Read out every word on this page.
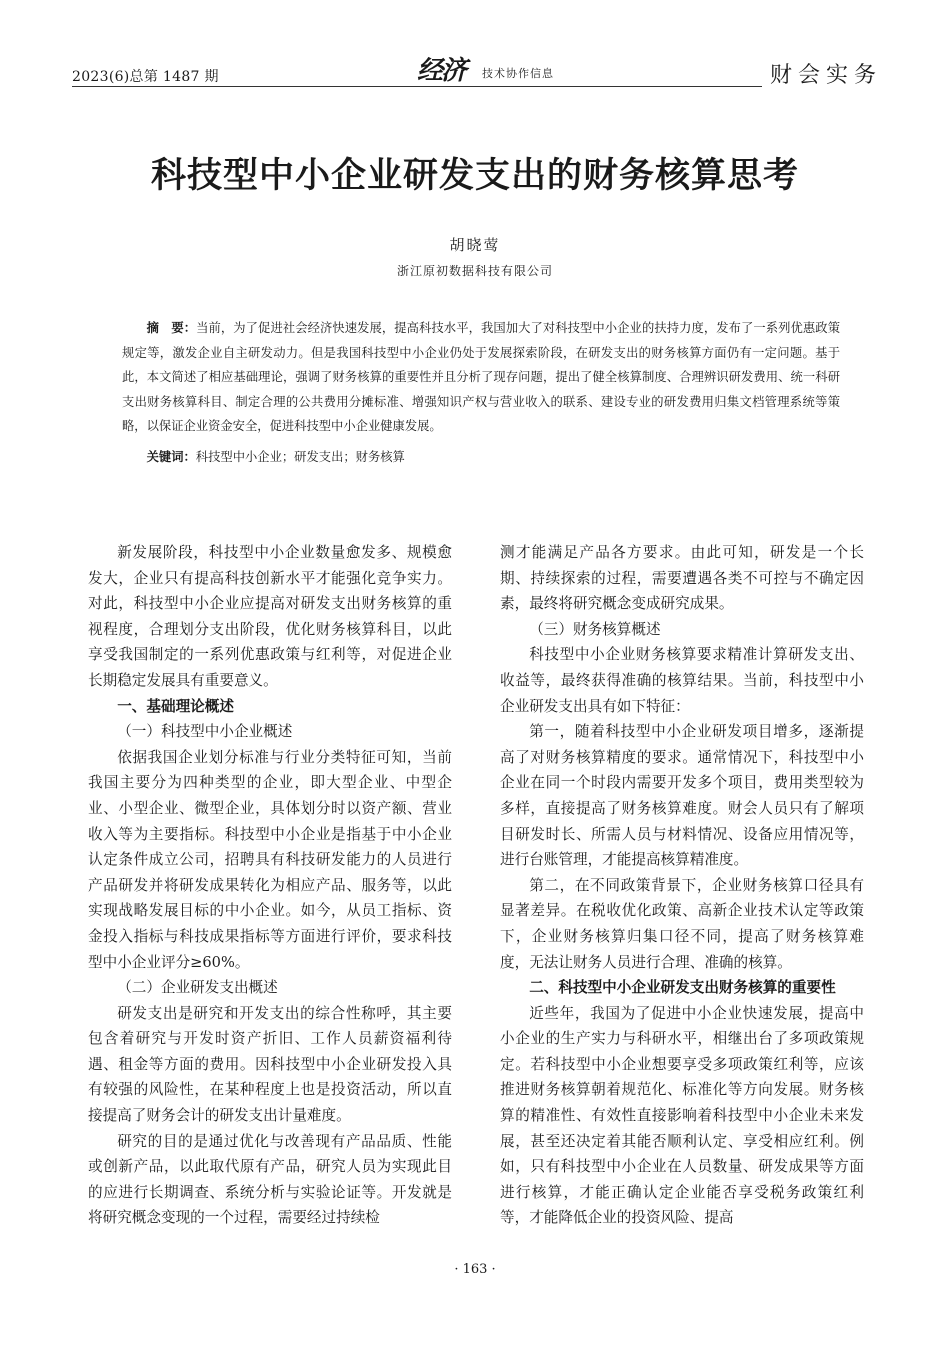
2023(6)总第 1487 期	经济 技术协作信息	财会实务
科技型中小企业研发支出的财务核算思考
胡晓莺
浙江原初数据科技有限公司

摘　要：当前，为了促进社会经济快速发展，提高科技水平，我国加大了对科技型中小企业的扶持力度，发布了一系列优惠政策规定等，激发企业自主研发动力。但是我国科技型中小企业仍处于发展探索阶段，在研发支出的财务核算方面仍有一定问题。基于此，本文简述了相应基础理论，强调了财务核算的重要性并且分析了现存问题，提出了健全核算制度、合理辨识研发费用、统一科研支出财务核算科目、制定合理的公共费用分摊标准、增强知识产权与营业收入的联系、建设专业的研发费用归集文档管理系统等策略，以保证企业资金安全，促进科技型中小企业健康发展。

关键词：科技型中小企业；研发支出；财务核算

新发展阶段，科技型中小企业数量愈发多、规模愈发大，企业只有提高科技创新水平才能强化竞争实力。对此，科技型中小企业应提高对研发支出财务核算的重视程度，合理划分支出阶段，优化财务核算科目，以此享受我国制定的一系列优惠政策与红利等，对促进企业长期稳定发展具有重要意义。

一、基础理论概述

（一）科技型中小企业概述

依据我国企业划分标准与行业分类特征可知，当前我国主要分为四种类型的企业，即大型企业、中型企业、小型企业、微型企业，具体划分时以资产额、营业收入等为主要指标。科技型中小企业是指基于中小企业认定条件成立公司，招聘具有科技研发能力的人员进行产品研发并将研发成果转化为相应产品、服务等，以此实现战略发展目标的中小企业。如今，从员工指标、资金投入指标与科技成果指标等方面进行评价，要求科技型中小企业评分≥60%。

（二）企业研发支出概述

研发支出是研究和开发支出的综合性称呼，其主要包含着研究与开发时资产折旧、工作人员薪资福利待遇、租金等方面的费用。因科技型中小企业研发投入具有较强的风险性，在某种程度上也是投资活动，所以直接提高了财务会计的研发支出计量难度。

研究的目的是通过优化与改善现有产品品质、性能或创新产品，以此取代原有产品，研究人员为实现此目的应进行长期调查、系统分析与实验论证等。开发就是将研究概念变现的一个过程，需要经过持续检

测才能满足产品各方要求。由此可知，研发是一个长期、持续探索的过程，需要遭遇各类不可控与不确定因素，最终将研究概念变成研究成果。

（三）财务核算概述

科技型中小企业财务核算要求精准计算研发支出、收益等，最终获得准确的核算结果。当前，科技型中小企业研发支出具有如下特征：

第一，随着科技型中小企业研发项目增多，逐渐提高了对财务核算精度的要求。通常情况下，科技型中小企业在同一个时段内需要开发多个项目，费用类型较为多样，直接提高了财务核算难度。财会人员只有了解项目研发时长、所需人员与材料情况、设备应用情况等，进行台账管理，才能提高核算精准度。

第二，在不同政策背景下，企业财务核算口径具有显著差异。在税收优化政策、高新企业技术认定等政策下，企业财务核算归集口径不同，提高了财务核算难度，无法让财务人员进行合理、准确的核算。

二、科技型中小企业研发支出财务核算的重要性

近些年，我国为了促进中小企业快速发展，提高中小企业的生产实力与科研水平，相继出台了多项政策规定。若科技型中小企业想要享受多项政策红利等，应该推进财务核算朝着规范化、标准化等方向发展。财务核算的精准性、有效性直接影响着科技型中小企业未来发展，甚至还决定着其能否顺利认定、享受相应红利。例如，只有科技型中小企业在人员数量、研发成果等方面进行核算，才能正确认定企业能否享受税务政策红利等，才能降低企业的投资风险、提高

· 163 ·
